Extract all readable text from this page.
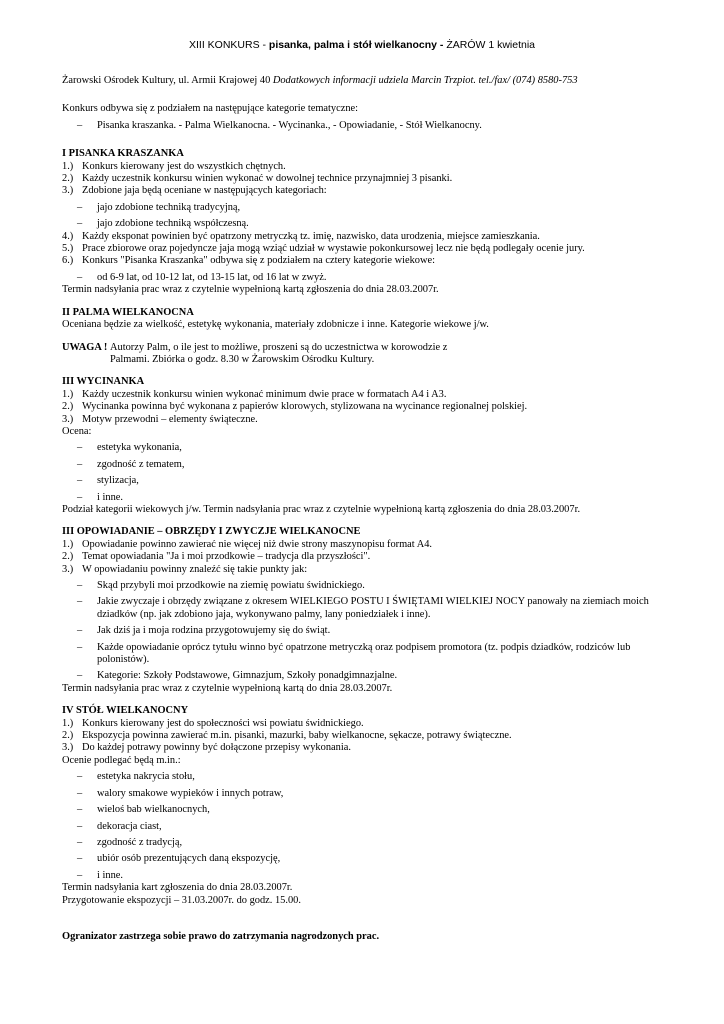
XIII KONKURS - pisanka, palma i stół wielkanocny - ŻARÓW 1 kwietnia

Żarowski Ośrodek Kultury, ul. Armii Krajowej 40 Dodatkowych informacji udziela Marcin Trzpiot. tel./fax/ (074) 8580-753

Konkurs odbywa się z podziałem na następujące kategorie tematyczne:

–	Pisanka kraszanka. - Palma Wielkanocna. - Wycinanka., - Opowiadanie, - Stół Wielkanocny.

I PISANKA KRASZANKA

1.) Konkurs kierowany jest do wszystkich chętnych.
2.) Każdy uczestnik konkursu winien wykonać w dowolnej technice przynajmniej 3 pisanki.
3.) Zdobione jaja będą oceniane w następujących kategoriach:
–	jajo zdobione techniką tradycyjną,
–	jajo zdobione techniką współczesną.
4.) Każdy eksponat powinien być opatrzony metryczką tz. imię, nazwisko, data urodzenia, miejsce zamieszkania.
5.) Prace zbiorowe oraz pojedyncze jaja mogą wziąć udział w wystawie pokonkursowej lecz nie będą podlegały ocenie jury.
6.) Konkurs "Pisanka Kraszanka" odbywa się z podziałem na cztery kategorie wiekowe:
–	od 6-9 lat, od 10-12 lat, od 13-15 lat, od 16 lat w zwyż.

Termin nadsyłania prac wraz z czytelnie wypełnioną kartą zgłoszenia do dnia 28.03.2007r.

II PALMA WIELKANOCNA

Oceniana będzie za wielkość, estetykę wykonania, materiały zdobnicze i inne. Kategorie wiekowe j/w.

UWAGA ! Autorzy Palm, o ile jest to możliwe, proszeni są do uczestnictwa w korowodzie z Palmami. Zbiórka o godz. 8.30 w Żarowskim Ośrodku Kultury.

III WYCINANKA

1.) Każdy uczestnik konkursu winien wykonać minimum dwie prace w formatach A4 i A3.
2.) Wycinanka powinna być wykonana z papierów klorowych, stylizowana na wycinance regionalnej polskiej.
3.) Motyw przewodni – elementy świąteczne.

Ocena:

–	estetyka wykonania,
–	zgodność z tematem,
–	stylizacja,
–	i inne.

Podział kategorii wiekowych j/w. Termin nadsyłania prac wraz z czytelnie wypełnioną kartą zgłoszenia do dnia 28.03.2007r.

III OPOWIADANIE – OBRZĘDY I ZWYCZJE WIELKANOCNE

1.) Opowiadanie powinno zawierać nie więcej niż dwie strony maszynopisu format A4.
2.) Temat opowiadania "Ja i moi przodkowie – tradycja dla przyszłości".
3.) W opowiadaniu powinny znaleźć się takie punkty jak:
–	Skąd przybyli moi przodkowie na ziemię powiatu świdnickiego.
–	Jakie zwyczaje i obrzędy związane z okresem WIELKIEGO POSTU I ŚWIĘTAMI WIELKIEJ NOCY panowały na ziemiach moich dziadków (np. jak zdobiono jaja, wykonywano palmy, lany poniedziałek i inne).
–	Jak dziś ja i moja rodzina przygotowujemy się do świąt.
–	Każde opowiadanie oprócz tytułu winno być opatrzone metryczką oraz podpisem promotora (tz. podpis dziadków, rodziców lub polonistów).
–	Kategorie: Szkoły Podstawowe, Gimnazjum, Szkoły ponadgimnazjalne.

Termin nadsyłania prac wraz z czytelnie wypełnioną kartą do dnia 28.03.2007r.

IV STÓŁ WIELKANOCNY

1.) Konkurs kierowany jest do społeczności wsi powiatu świdnickiego.
2.) Ekspozycja powinna zawierać m.in. pisanki, mazurki, baby wielkanocne, sękacze, potrawy świąteczne.
3.) Do każdej potrawy powinny być dołączone przepisy wykonania.

Ocenie podlegać będą m.in.:

–	estetyka nakrycia stołu,
–	walory smakowe wypieków i innych potraw,
–	wieloś bab wielkanocnych,
–	dekoracja ciast,
–	zgodność z tradycją,
–	ubiór osób prezentujących daną ekspozycję,
–	i inne.

Termin nadsyłania kart zgłoszenia do dnia 28.03.2007r.

Przygotowanie ekspozycji – 31.03.2007r. do godz. 15.00.

Ogranizator zastrzega sobie prawo do zatrzymania nagrodzonych prac.
